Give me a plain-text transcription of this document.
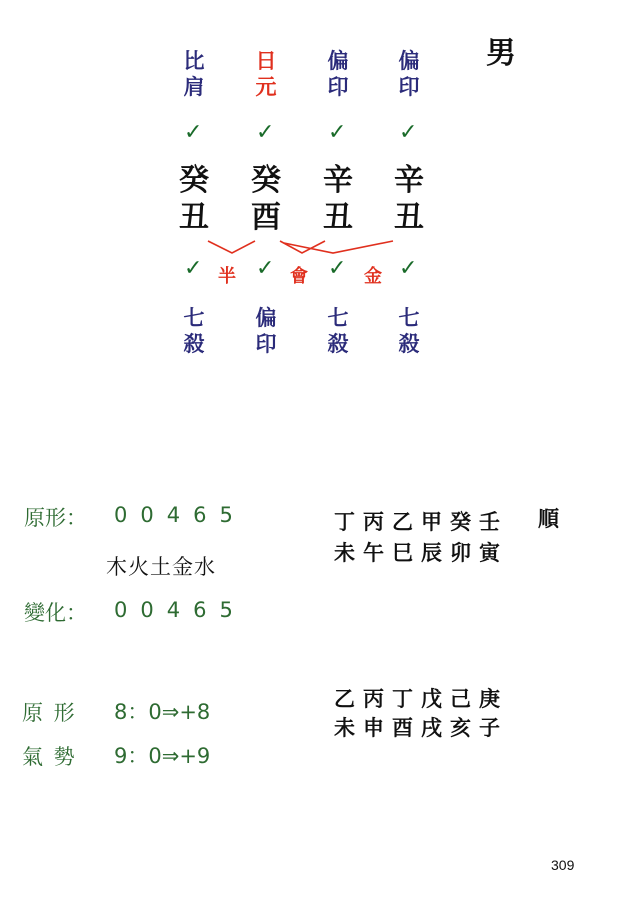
男
比
肩
日
元
偏
印
偏
印
✓ ✓ ✓ ✓
癸 癸 辛 辛
丑 酉 丑 丑
✓ ✓ ✓ ✓
半	會	金
七
殺
偏
印
七
殺
七
殺
原形： 00465
木火土金水
變化： 00465
原 形 8：0⇒+8
氣 勢 9：0⇒+9
丁丙乙甲癸壬 順
未午巳辰卯寅
乙丙丁戊己庚
未申酉戌亥子
309
